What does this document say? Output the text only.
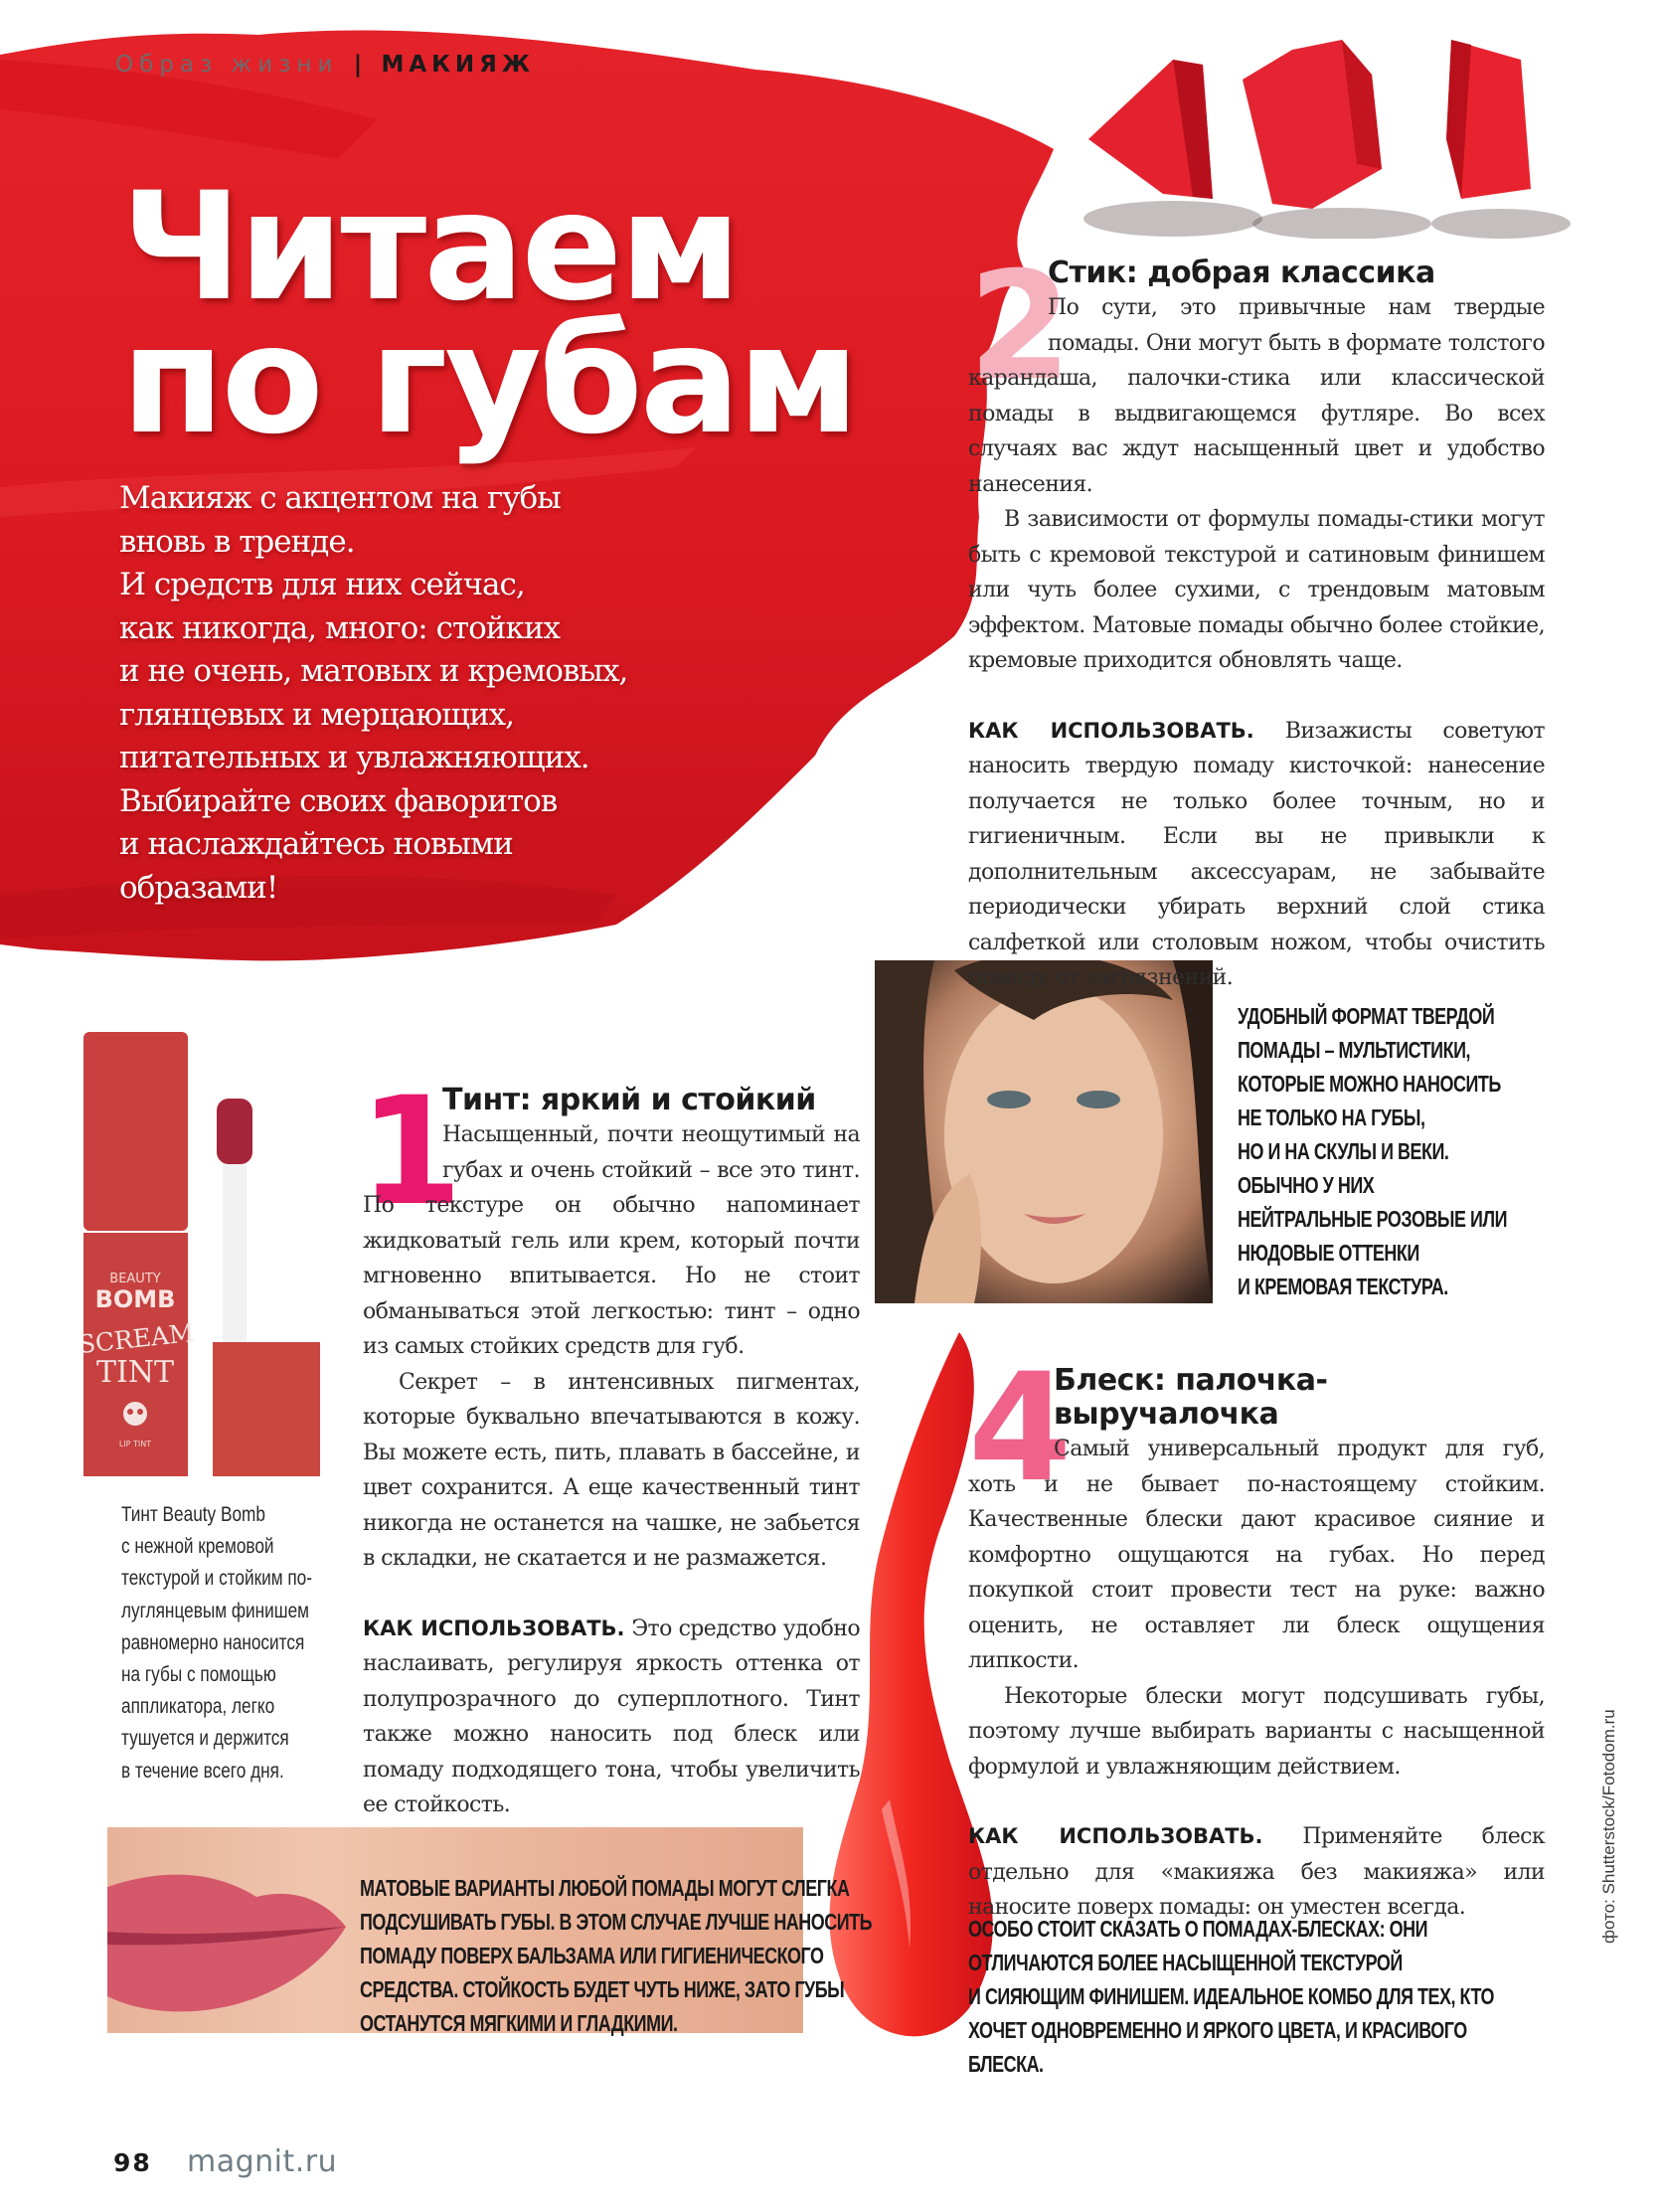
Образ жизни | МАКИЯЖ
Читаем
по губам
Макияж с акцентом на губы
вновь в тренде.
И средств для них сейчас,
как никогда, много: стойких
и не очень, матовых и кремовых,
глянцевых и мерцающих,
питательных и увлажняющих.
Выбирайте своих фаворитов
и наслаждайтесь новыми
образами!
2
Стик: добрая классика

По сути, это привычные нам твердые помады. Они могут быть в формате толстого карандаша, палочки-стика или классической помады в выдвигающемся футляре. Во всех случаях вас ждут насыщенный цвет и удобство нанесения.

В зависимости от формулы помады-стики могут быть с кремовой текстурой и сатиновым финишем или чуть более сухими, с трендовым матовым эффектом. Матовые помады обычно более стойкие, кремовые приходится обновлять чаще.

КАК ИСПОЛЬЗОВАТЬ. Визажисты советуют наносить твердую помаду кисточкой: нанесение получается не только более точным, но и гигиеничным. Если вы не привыкли к дополнительным аксессуарам, не забывайте периодически убирать верхний слой стика салфеткой или столовым ножом, чтобы очистить помаду от загрязнений.

УДОБНЫЙ ФОРМАТ ТВЕРДОЙ
ПОМАДЫ – МУЛЬТИСТИКИ,
КОТОРЫЕ МОЖНО НАНОСИТЬ
НЕ ТОЛЬКО НА ГУБЫ,
НО И НА СКУЛЫ И ВЕКИ.
ОБЫЧНО У НИХ
НЕЙТРАЛЬНЫЕ РОЗОВЫЕ ИЛИ
НЮДОВЫЕ ОТТЕНКИ
И КРЕМОВАЯ ТЕКСТУРА.
BEAUTY
BOMB
SCREAM
TINT
LIP TINT
Тинт Beauty Bomb
с нежной кремовой
текстурой и стойким по-
луглянцевым финишем
равномерно наносится
на губы с помощью
аппликатора, легко
тушуется и держится
в течение всего дня.
1
Тинт: яркий и стойкий

Насыщенный, почти неощутимый на губах и очень стойкий – все это тинт. По текстуре он обычно напоминает жидковатый гель или крем, который почти мгновенно впитывается. Но не стоит обманываться этой легкостью: тинт – одно из самых стойких средств для губ.

Секрет – в интенсивных пигментах, которые буквально впечатываются в кожу. Вы можете есть, пить, плавать в бассейне, и цвет сохранится. А еще качественный тинт никогда не останется на чашке, не забьется в складки, не скатается и не размажется.

КАК ИСПОЛЬЗОВАТЬ. Это средство удобно наслаивать, регулируя яркость оттенка от полупрозрачного до суперплотного. Тинт также можно наносить под блеск или помаду подходящего тона, чтобы увеличить ее стойкость.

4
Блеск: палочка-
выручалочка

Самый универсальный продукт для губ, хоть и не бывает по-настоящему стойким. Качественные блески дают красивое сияние и комфортно ощущаются на губах. Но перед покупкой стоит провести тест на руке: важно оценить, не оставляет ли блеск ощущения липкости.

Некоторые блески могут подсушивать губы, поэтому лучше выбирать варианты с насыщенной формулой и увлажняющим действием.

КАК ИСПОЛЬЗОВАТЬ. Применяйте блеск отдельно для «макияжа без макияжа» или наносите поверх помады: он уместен всегда.

МАТОВЫЕ ВАРИАНТЫ ЛЮБОЙ ПОМАДЫ МОГУТ СЛЕГКА
ПОДСУШИВАТЬ ГУБЫ. В ЭТОМ СЛУЧАЕ ЛУЧШЕ НАНОСИТЬ
ПОМАДУ ПОВЕРХ БАЛЬЗАМА ИЛИ ГИГИЕНИЧЕСКОГО
СРЕДСТВА. СТОЙКОСТЬ БУДЕТ ЧУТЬ НИЖЕ, ЗАТО ГУБЫ
ОСТАНУТСЯ МЯГКИМИ И ГЛАДКИМИ.
ОСОБО СТОИТ СКАЗАТЬ О ПОМАДАХ-БЛЕСКАХ: ОНИ
ОТЛИЧАЮТСЯ БОЛЕЕ НАСЫЩЕННОЙ ТЕКСТУРОЙ
И СИЯЮЩИМ ФИНИШЕМ. ИДЕАЛЬНОЕ КОМБО ДЛЯ ТЕХ, КТО
ХОЧЕТ ОДНОВРЕМЕННО И ЯРКОГО ЦВЕТА, И КРАСИВОГО
БЛЕСКА.
98 magnit.ru
фото: Shutterstock/Fotodom.ru
